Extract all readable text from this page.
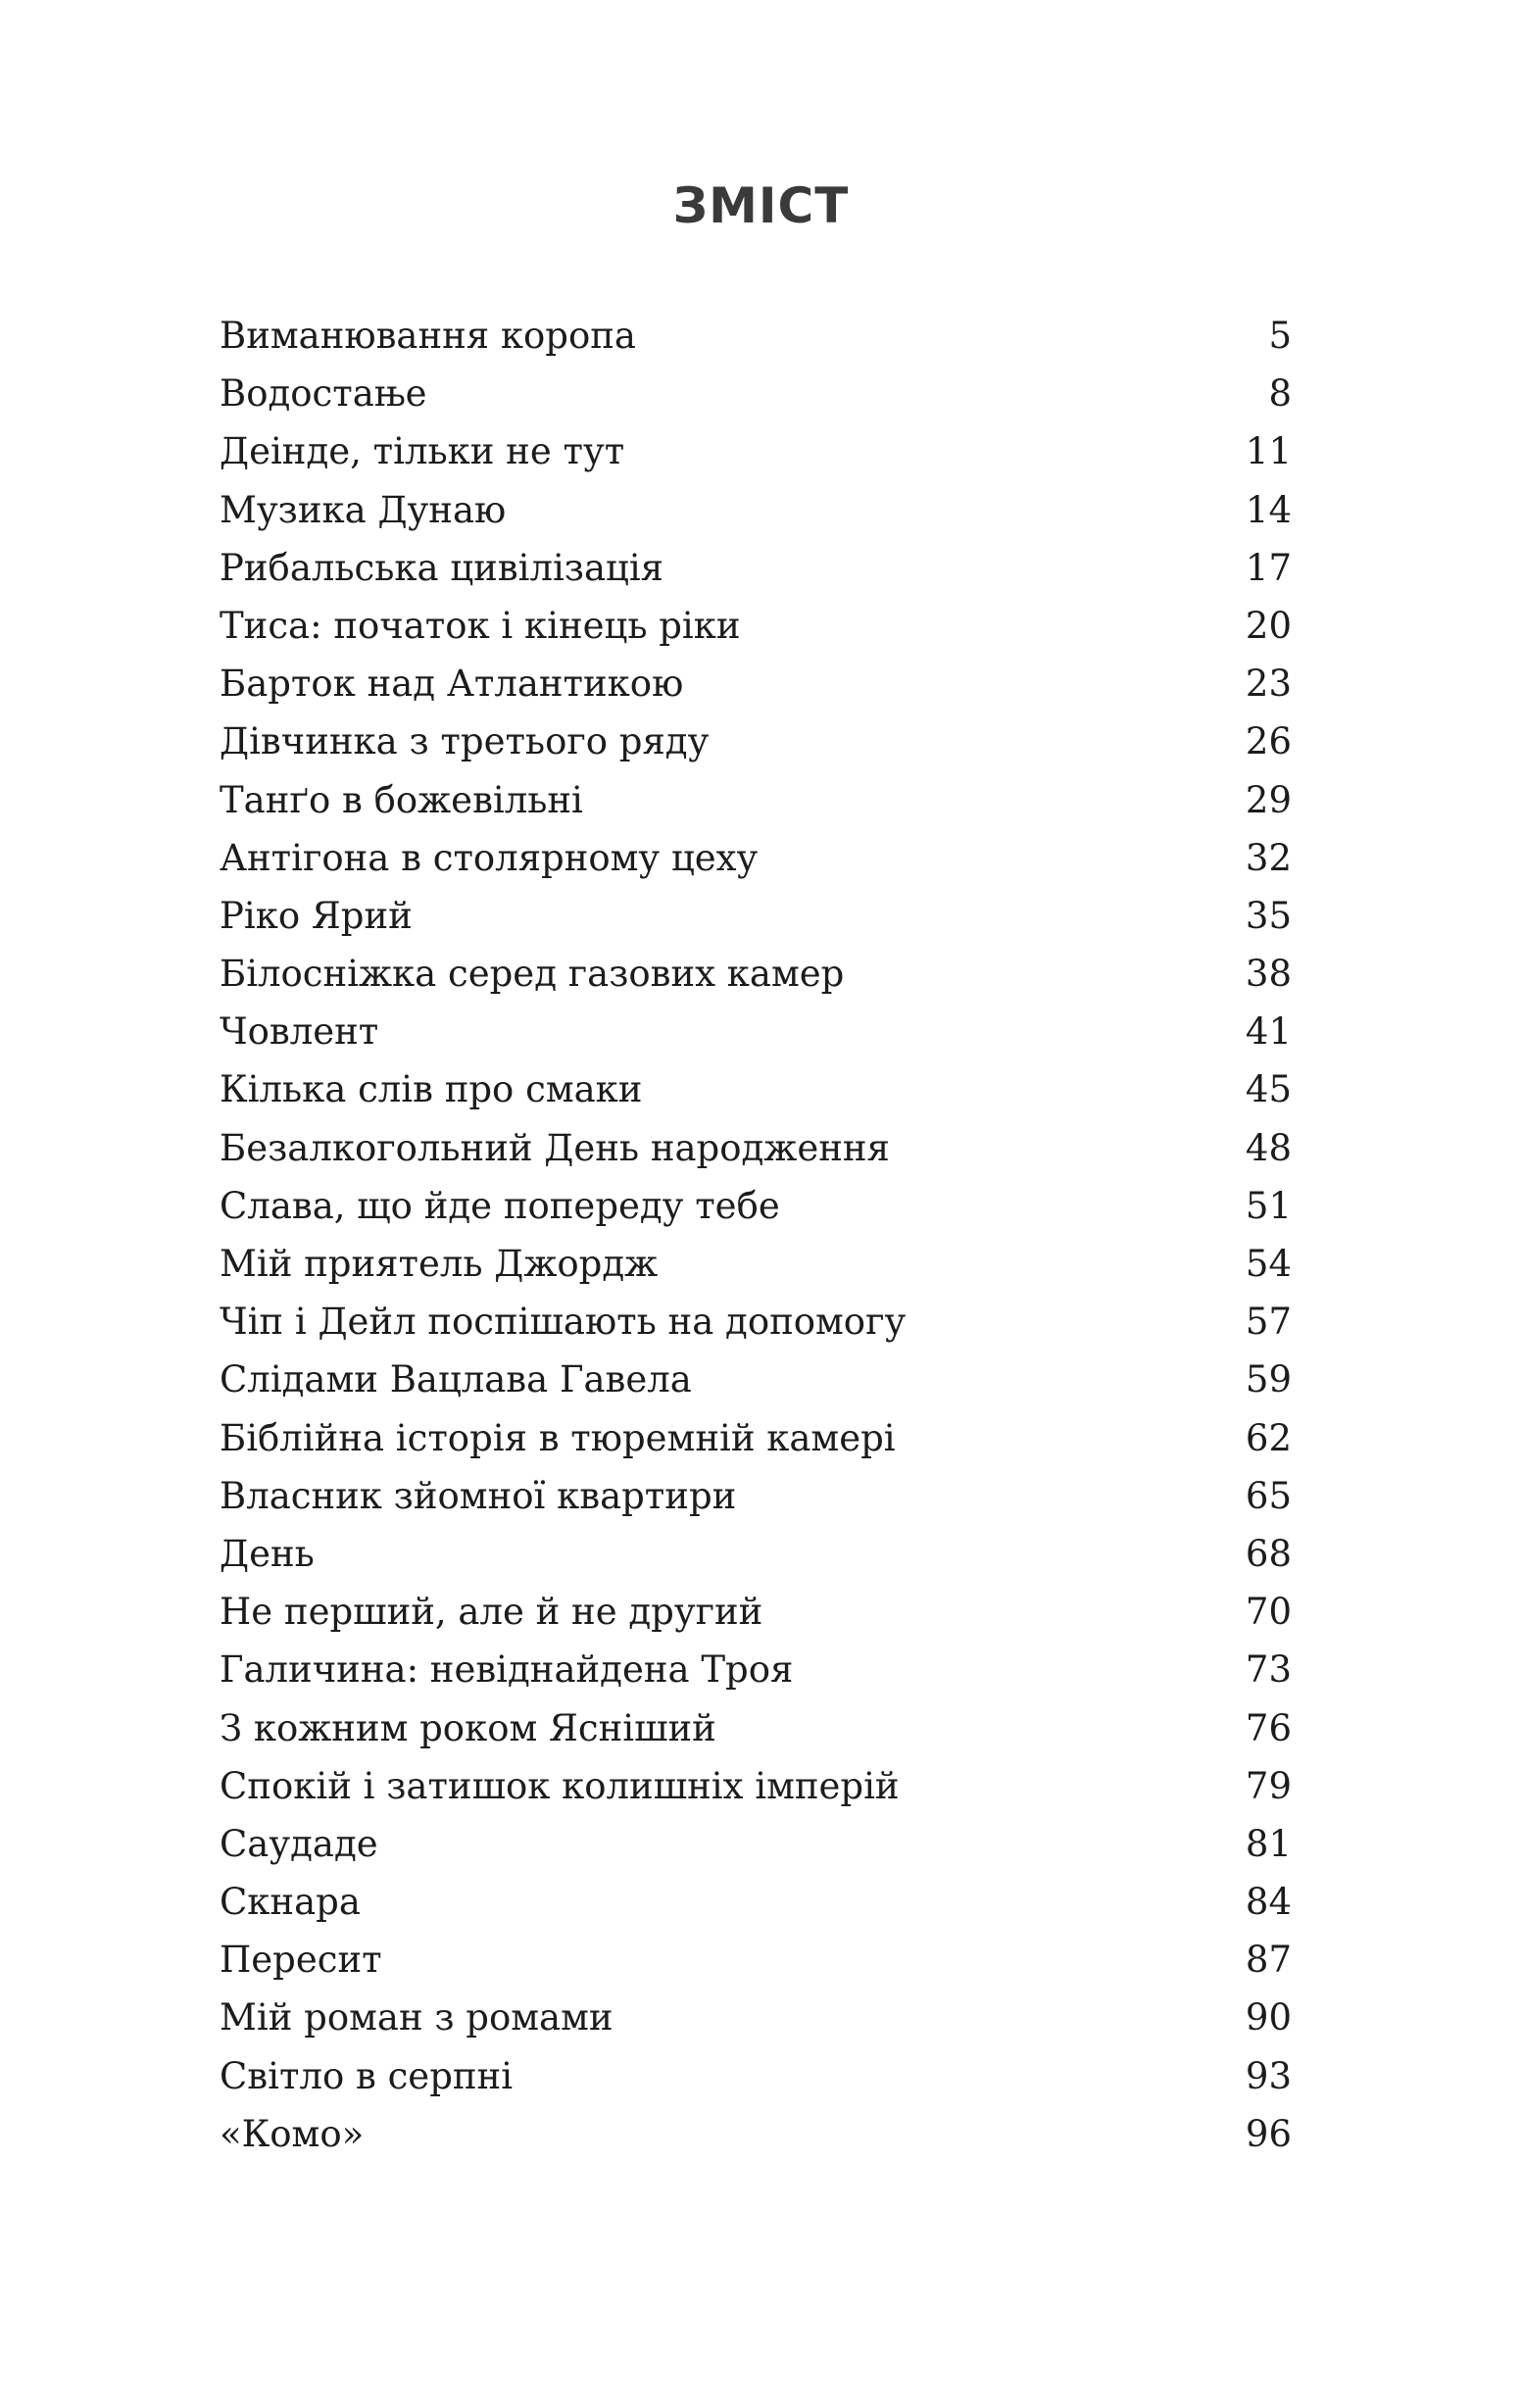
ЗМІСТ
Виманювання коропа	5
Водостање	8
Деінде, тільки не тут	11
Музика Дунаю	14
Рибальська цивілізація	17
Тиса: початок і кінець ріки	20
Барток над Атлантикою	23
Дівчинка з третього ряду	26
Танґо в божевільні	29
Антігона в столярному цеху	32
Ріко Ярий	35
Білосніжка серед газових камер	38
Човлент	41
Кілька слів про смаки	45
Безалкогольний День народження	48
Слава, що йде попереду тебе	51
Мій приятель Джордж	54
Чіп і Дейл поспішають на допомогу	57
Слідами Вацлава Гавела	59
Біблійна історія в тюремній камері	62
Власник зйомної квартири	65
День	68
Не перший, але й не другий	70
Галичина: невіднайдена Троя	73
З кожним роком Ясніший	76
Спокій і затишок колишніх імперій	79
Саудаде	81
Скнара	84
Пересит	87
Мій роман з ромами	90
Світло в серпні	93
«Комо»	96
